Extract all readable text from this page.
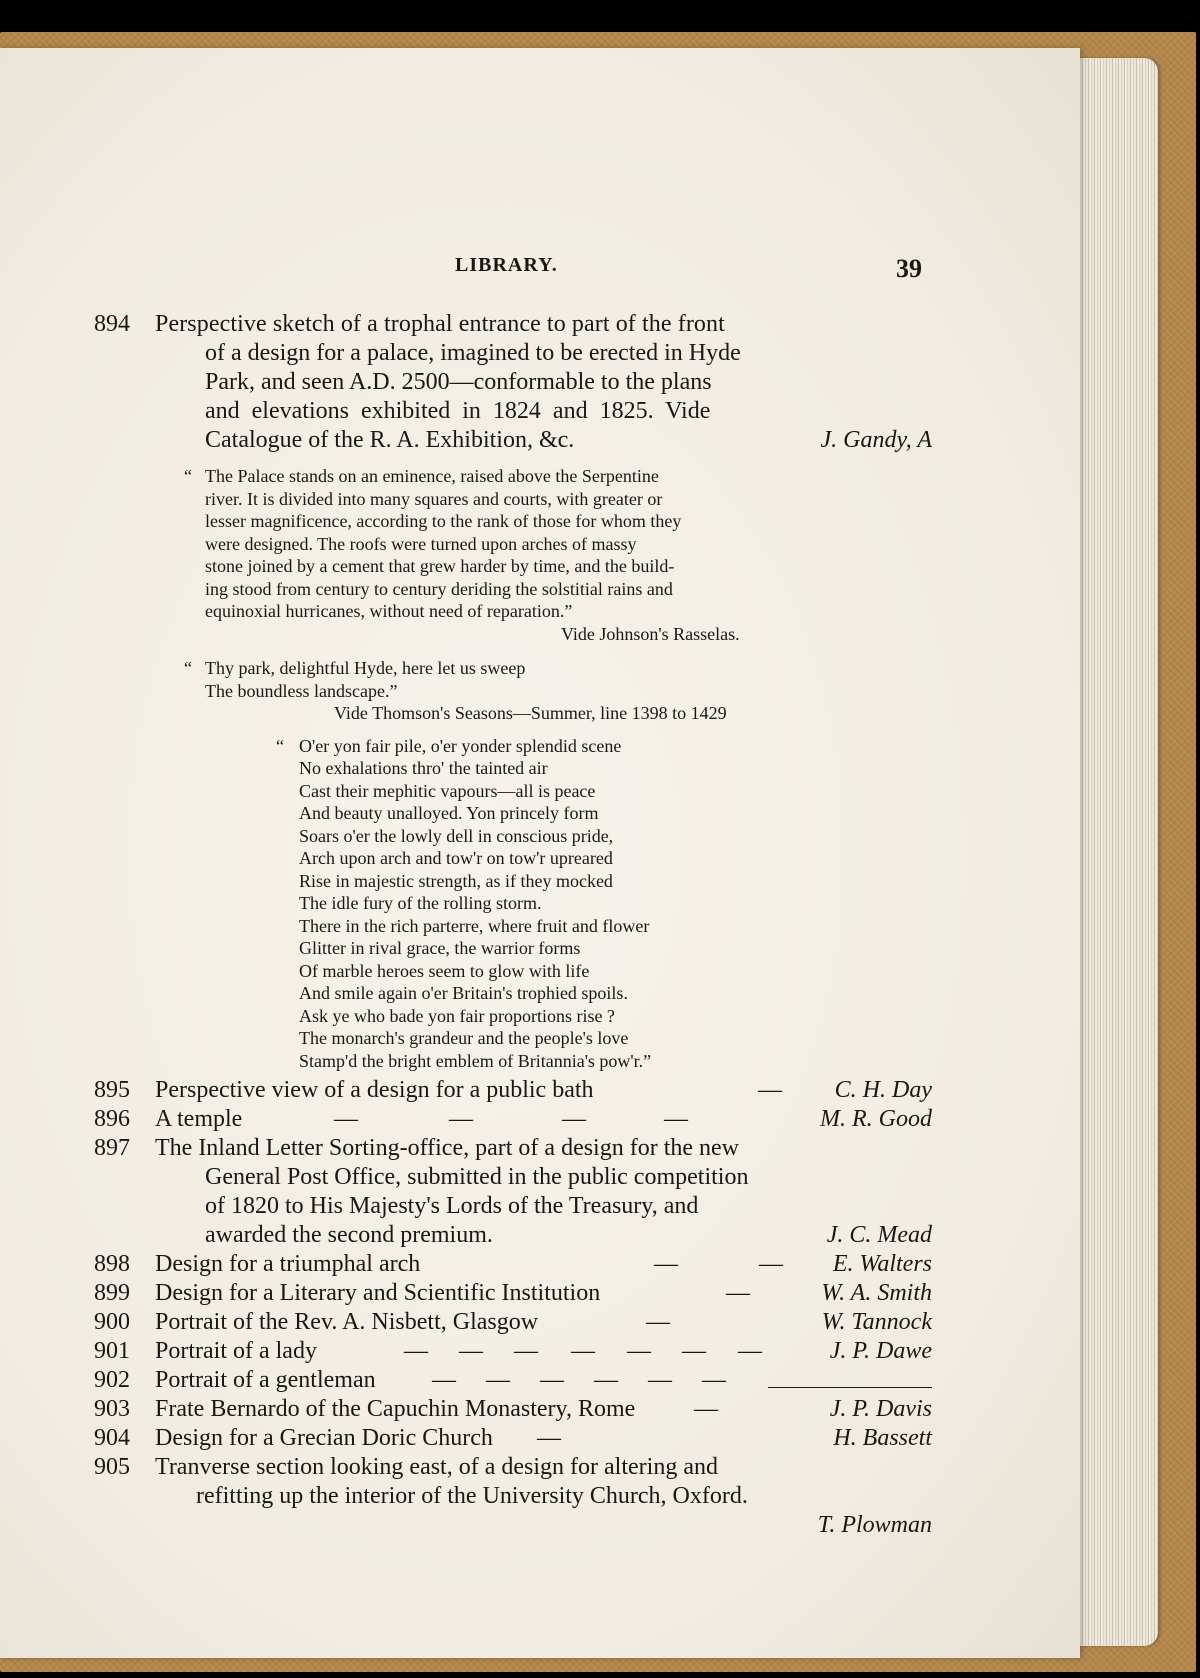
LIBRARY.	39
894 Perspective sketch of a trophal entrance to part of the front
of a design for a palace, imagined to be erected in Hyde
Park, and seen A.D. 2500—conformable to the plans
and elevations exhibited in 1824 and 1825. Vide
Catalogue of the R. A. Exhibition, &c.	J. Gandy, A
“ The Palace stands on an eminence, raised above the Serpentine
river. It is divided into many squares and courts, with greater or
lesser magnificence, according to the rank of those for whom they
were designed. The roofs were turned upon arches of massy
stone joined by a cement that grew harder by time, and the build-
ing stood from century to century deriding the solstitial rains and
equinoxial hurricanes, without need of reparation.”
Vide Johnson's Rasselas.
“ Thy park, delightful Hyde, here let us sweep
The boundless landscape.”
Vide Thomson's Seasons—Summer, line 1398 to 1429
“ O'er yon fair pile, o'er yonder splendid scene
No exhalations thro' the tainted air
Cast their mephitic vapours—all is peace
And beauty unalloyed. Yon princely form
Soars o'er the lowly dell in conscious pride,
Arch upon arch and tow'r on tow'r upreared
Rise in majestic strength, as if they mocked
The idle fury of the rolling storm.
There in the rich parterre, where fruit and flower
Glitter in rival grace, the warrior forms
Of marble heroes seem to glow with life
And smile again o'er Britain's trophied spoils.
Ask ye who bade yon fair proportions rise ?
The monarch's grandeur and the people's love
Stamp'd the bright emblem of Britannia's pow'r.”
895 Perspective view of a design for a public bath	— C. H. Day
896 A temple	—	—	—	—	M. R. Good
897 The Inland Letter Sorting-office, part of a design for the new
General Post Office, submitted in the public competition
of 1820 to His Majesty's Lords of the Treasury, and
awarded the second premium.	J. C. Mead
898 Design for a triumphal arch	—	— E. Walters
899 Design for a Literary and Scientific Institution	—	W. A. Smith
900 Portrait of the Rev. A. Nisbett, Glasgow	—	W. Tannock
901 Portrait of a lady	— — — — — — —	J. P. Dawe
902 Portrait of a gentleman — — — — — —
903 Frate Bernardo of the Capuchin Monastery, Rome —	J. P. Davis
904 Design for a Grecian Doric Church —	H. Bassett
905 Tranverse section looking east, of a design for altering and
refitting up the interior of the University Church, Oxford.
T. Plowman
